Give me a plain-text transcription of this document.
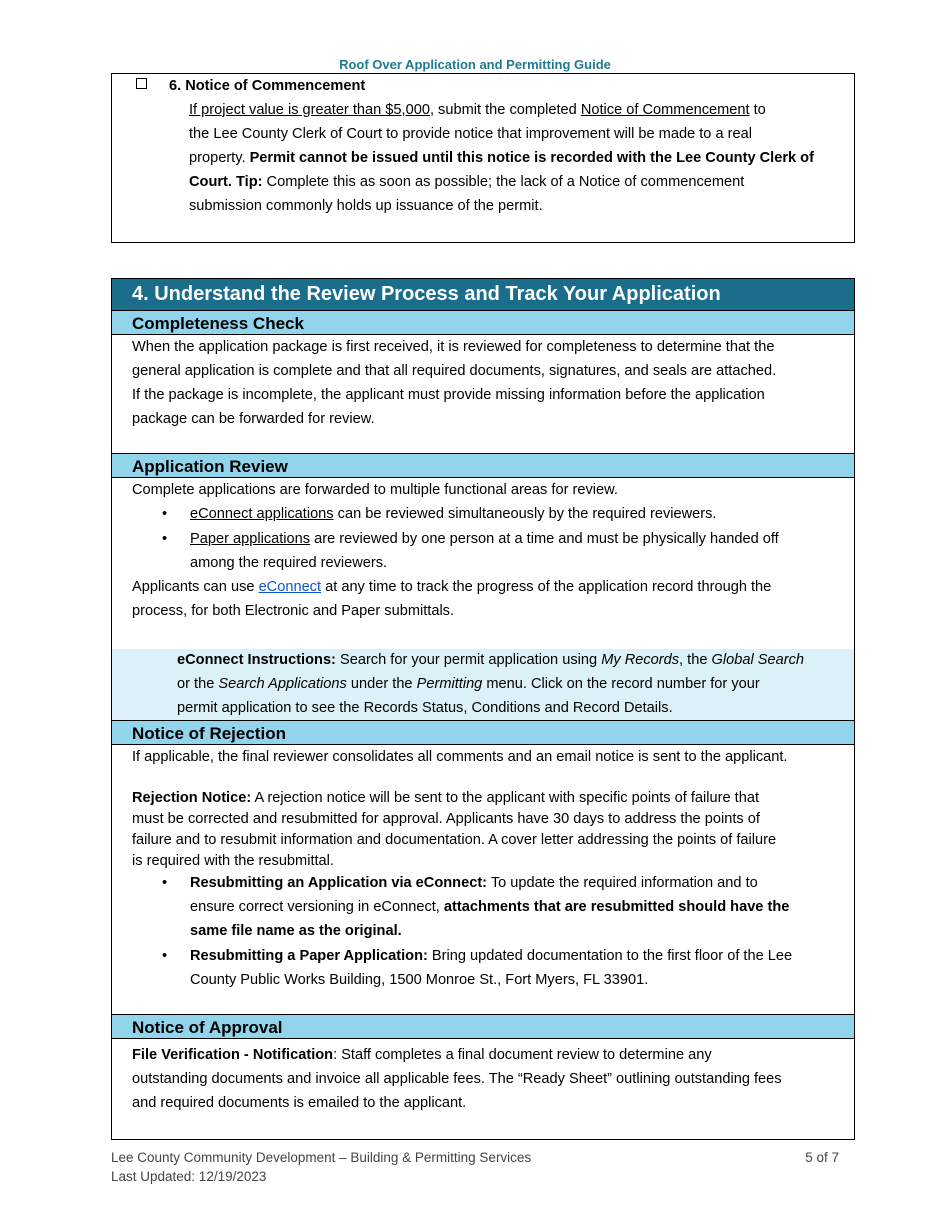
Roof Over Application and Permitting Guide
6. Notice of Commencement
If project value is greater than $5,000, submit the completed Notice of Commencement to
the Lee County Clerk of Court to provide notice that improvement will be made to a real
property. Permit cannot be issued until this notice is recorded with the Lee County Clerk of
Court. Tip: Complete this as soon as possible; the lack of a Notice of commencement
submission commonly holds up issuance of the permit.
4. Understand the Review Process and Track Your Application
Completeness Check
When the application package is first received, it is reviewed for completeness to determine that the
general application is complete and that all required documents, signatures, and seals are attached.
If the package is incomplete, the applicant must provide missing information before the application
package can be forwarded for review.
Application Review
Complete applications are forwarded to multiple functional areas for review.
• eConnect applications can be reviewed simultaneously by the required reviewers.
• Paper applications are reviewed by one person at a time and must be physically handed off
among the required reviewers.
Applicants can use eConnect at any time to track the progress of the application record through the
process, for both Electronic and Paper submittals.
eConnect Instructions: Search for your permit application using My Records, the Global Search
or the Search Applications under the Permitting menu. Click on the record number for your
permit application to see the Records Status, Conditions and Record Details.
Notice of Rejection
If applicable, the final reviewer consolidates all comments and an email notice is sent to the applicant.
Rejection Notice: A rejection notice will be sent to the applicant with specific points of failure that
must be corrected and resubmitted for approval. Applicants have 30 days to address the points of
failure and to resubmit information and documentation. A cover letter addressing the points of failure
is required with the resubmittal.
• Resubmitting an Application via eConnect: To update the required information and to
ensure correct versioning in eConnect, attachments that are resubmitted should have the
same file name as the original.
• Resubmitting a Paper Application: Bring updated documentation to the first floor of the Lee
County Public Works Building, 1500 Monroe St., Fort Myers, FL 33901.
Notice of Approval
File Verification - Notification: Staff completes a final document review to determine any
outstanding documents and invoice all applicable fees. The “Ready Sheet” outlining outstanding fees
and required documents is emailed to the applicant.
Lee County Community Development – Building & Permitting Services
Last Updated: 12/19/2023
5 of 7
